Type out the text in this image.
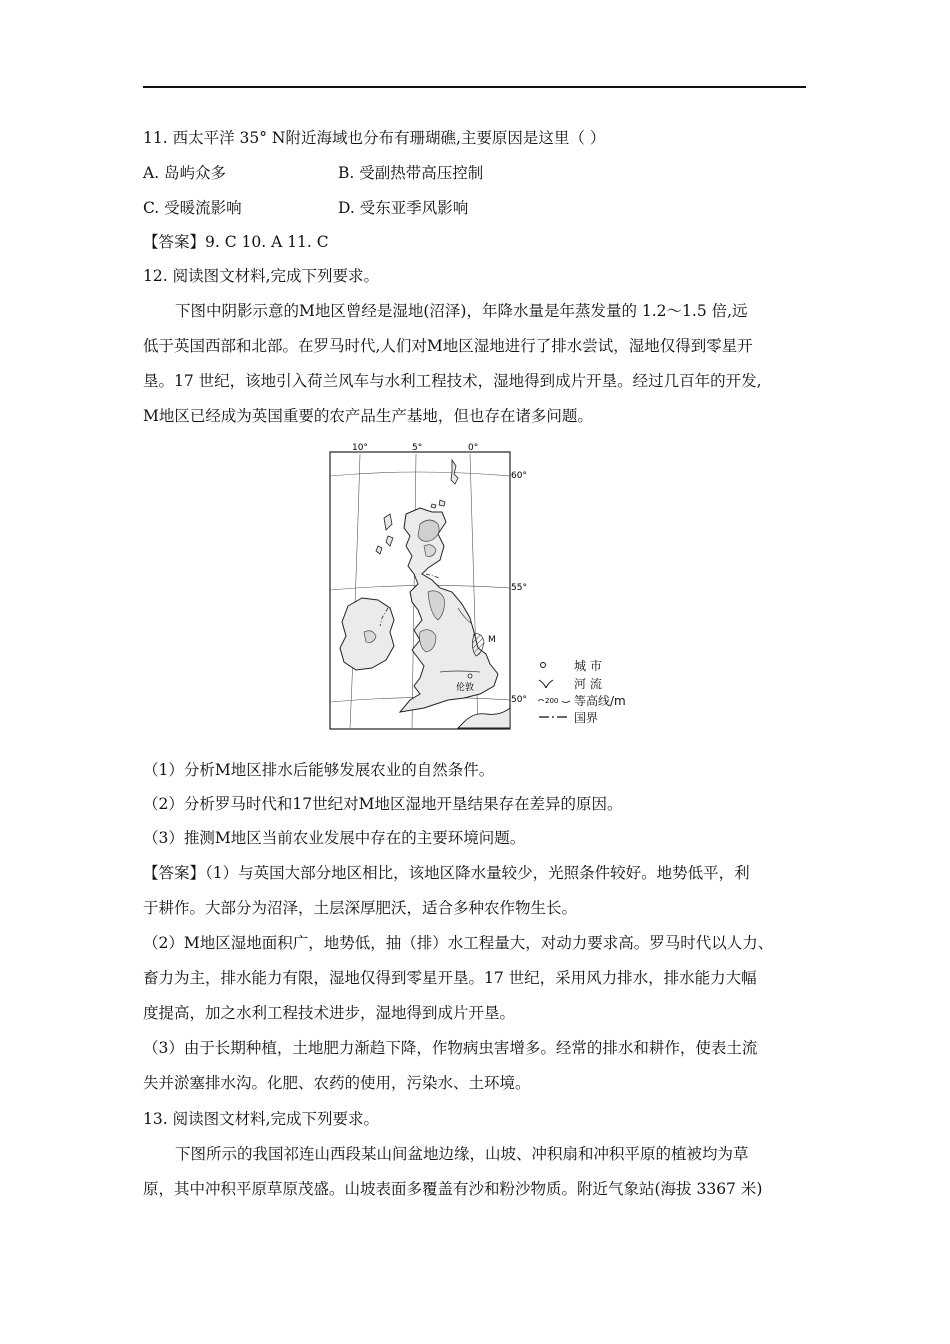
11. 西太平洋 35° N附近海域也分布有珊瑚礁,主要原因是这里（ ）
A. 岛屿众多	B. 受副热带高压控制
C. 受暖流影响	D. 受东亚季风影响
【答案】9. C 10. A 11. C
12. 阅读图文材料,完成下列要求。
下图中阴影示意的M地区曾经是湿地(沼泽)，年降水量是年蒸发量的 1.2～1.5 倍,远
低于英国西部和北部。在罗马时代,人们对M地区湿地进行了排水尝试，湿地仅得到零星开
垦。17 世纪，该地引入荷兰风车与水利工程技术，湿地得到成片开垦。经过几百年的开发,
M地区已经成为英国重要的农产品生产基地，但也存在诸多问题。
M
伦敦
10°	5°	0°
60°
55°
50°
城 市
河 流
200 等高线/m
国界
（1）分析M地区排水后能够发展农业的自然条件。
（2）分析罗马时代和17世纪对M地区湿地开垦结果存在差异的原因。
（3）推测M地区当前农业发展中存在的主要环境问题。
【答案】（1）与英国大部分地区相比，该地区降水量较少，光照条件较好。地势低平，利
于耕作。大部分为沼泽，土层深厚肥沃，适合多种农作物生长。
（2）M地区湿地面积广，地势低，抽（排）水工程量大，对动力要求高。罗马时代以人力、
畜力为主，排水能力有限，湿地仅得到零星开垦。17 世纪，采用风力排水，排水能力大幅
度提高，加之水利工程技术进步，湿地得到成片开垦。
（3）由于长期种植，土地肥力渐趋下降，作物病虫害增多。经常的排水和耕作，使表土流
失并淤塞排水沟。化肥、农药的使用，污染水、土环境。
13. 阅读图文材料,完成下列要求。
下图所示的我国祁连山西段某山间盆地边缘，山坡、冲积扇和冲积平原的植被均为草
原，其中冲积平原草原茂盛。山坡表面多覆盖有沙和粉沙物质。附近气象站(海拔 3367 米)
